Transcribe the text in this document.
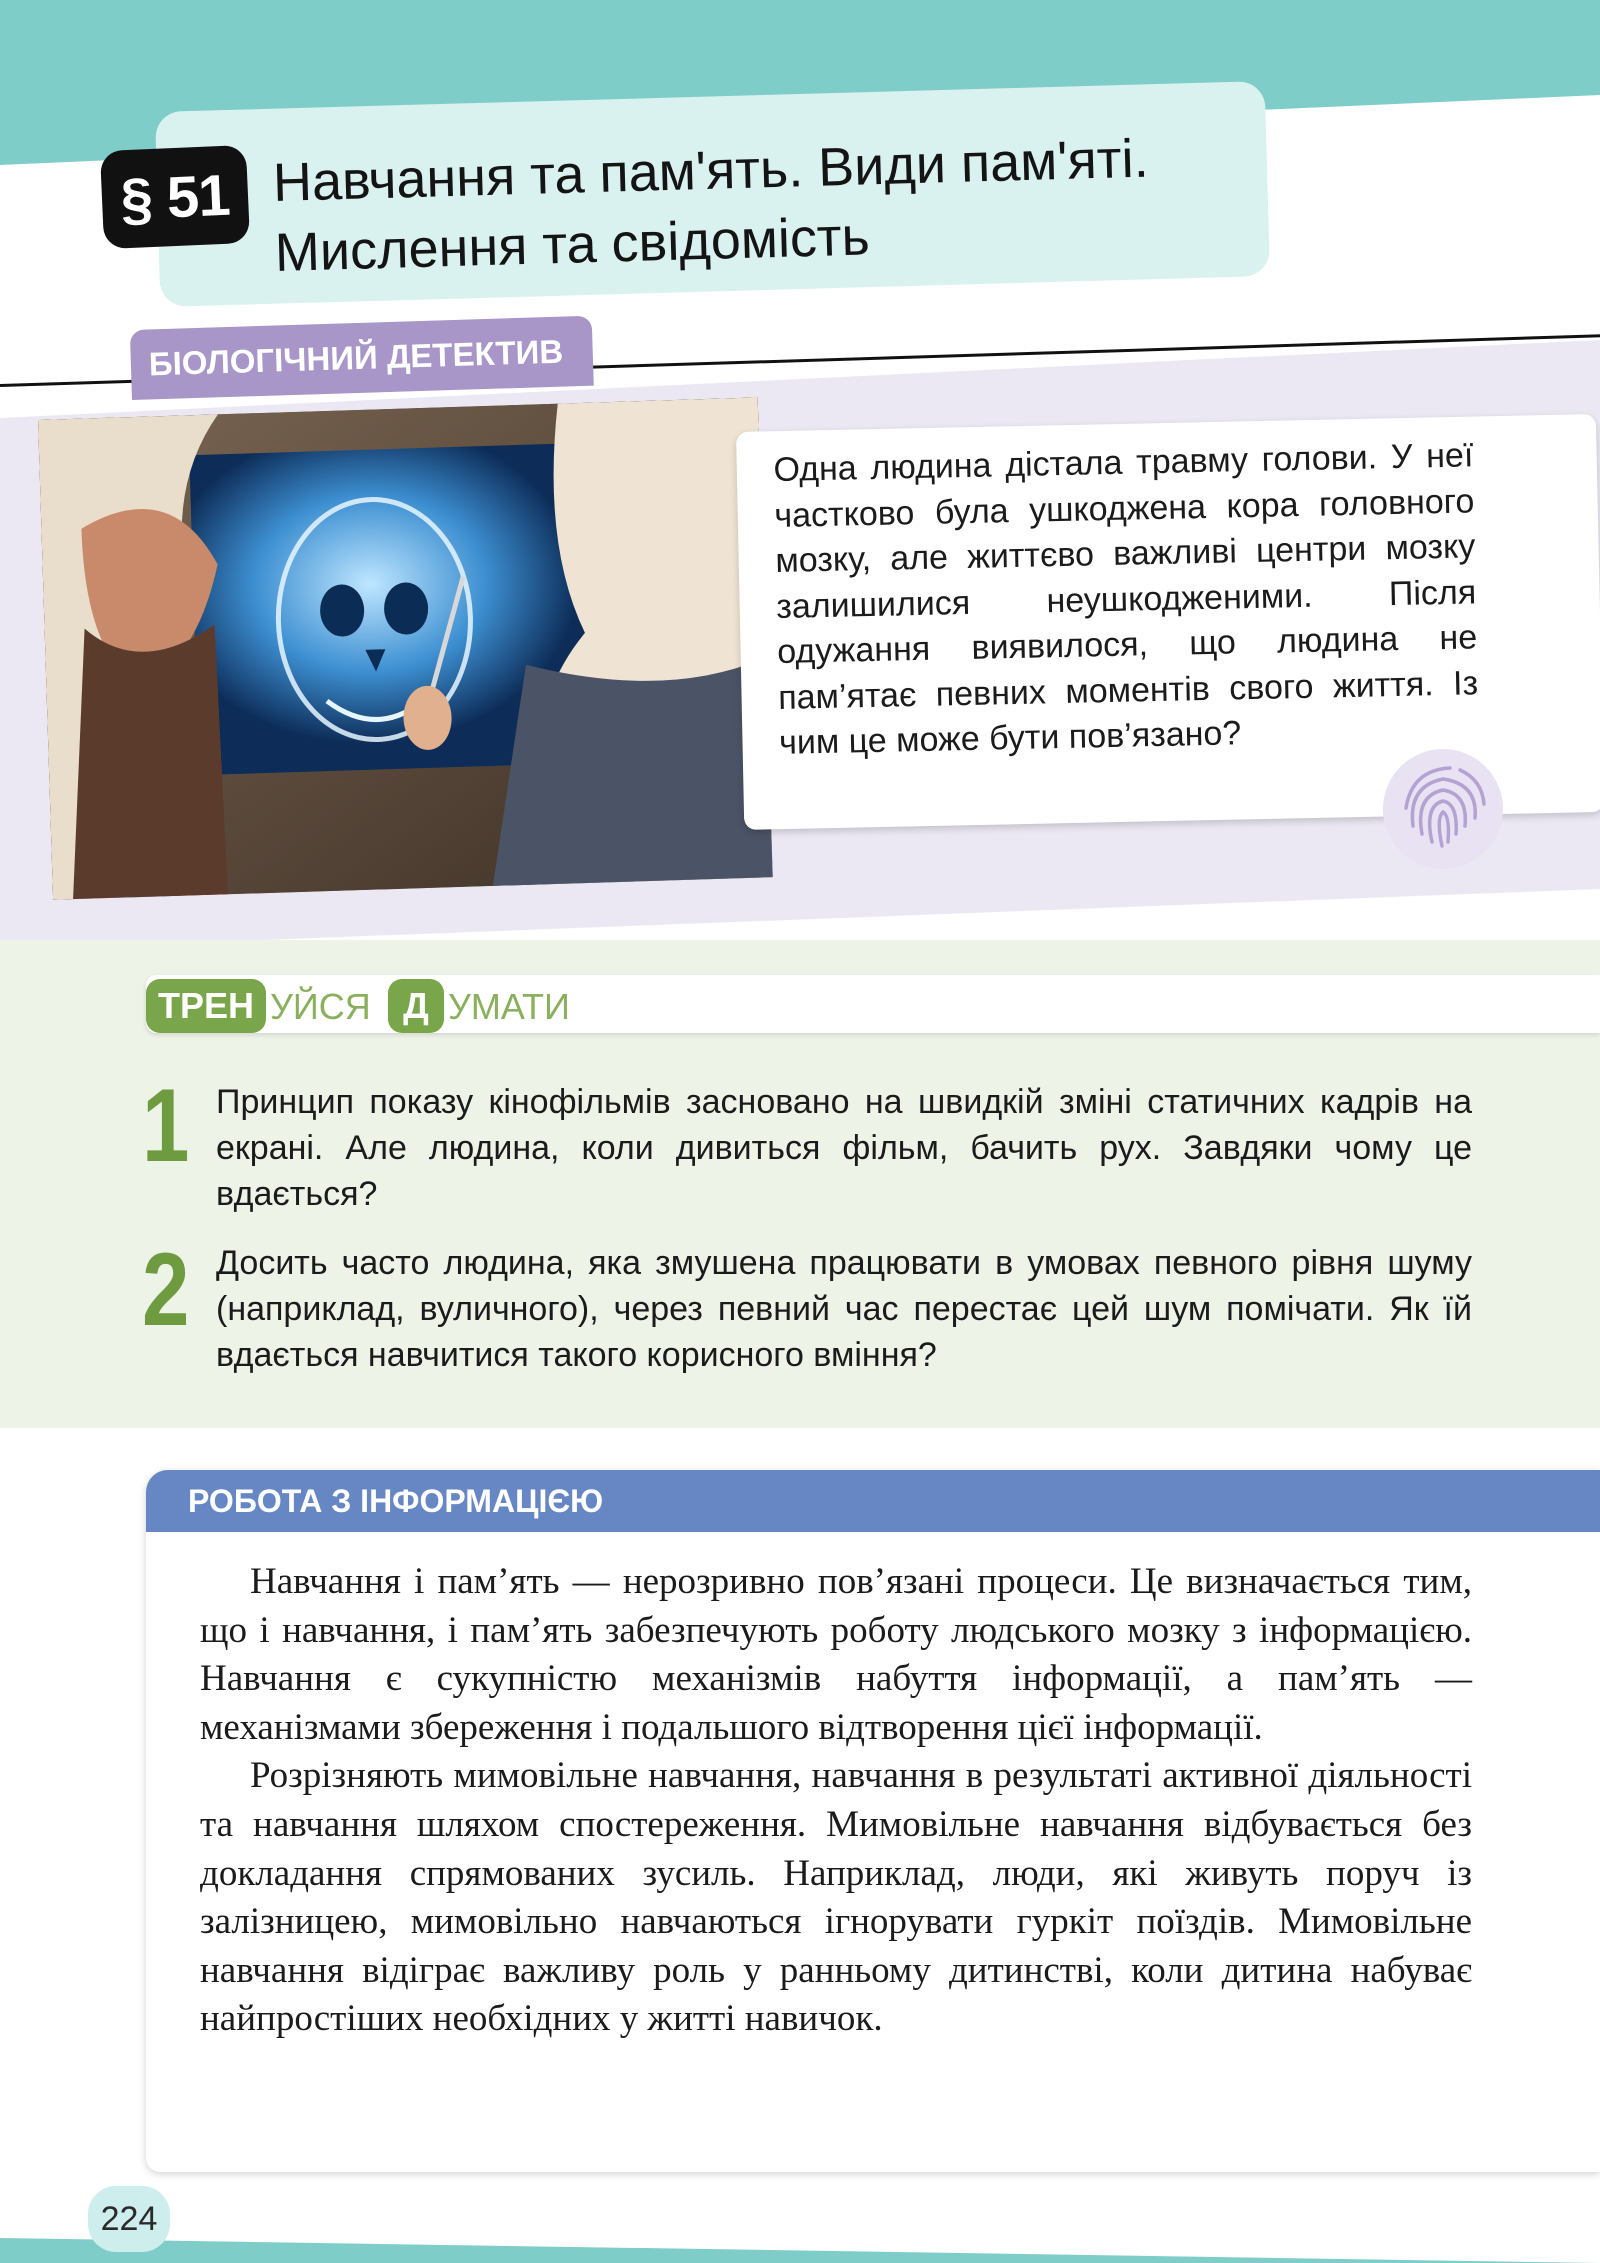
§ 51 Навчання та пам'ять. Види пам'яті.
Мислення та свідомість
БІОЛОГІЧНИЙ ДЕТЕКТИВ
Одна людина дістала травму голови. У неї частково була ушкоджена кора головного мозку, але життєво важливі центри мозку залишилися неушкодженими. Після одужання виявилося, що людина не пам’ятає певних моментів свого життя. Із чим це може бути пов’язано?
ТРЕН УЙСЯ Д УМАТИ
1 Принцип показу кінофільмів засновано на швидкій зміні статичних кадрів на екрані. Але людина, коли дивиться фільм, бачить рух. Завдяки чому це вдається?
2 Досить часто людина, яка змушена працювати в умовах певного рівня шуму (наприклад, вуличного), через певний час перестає цей шум помічати. Як їй вдається навчитися такого корисного вміння?
РОБОТА З ІНФОРМАЦІЄЮ

Навчання і пам’ять — нерозривно пов’язані процеси. Це визначається тим, що і навчання, і пам’ять забезпечують роботу людського мозку з інформацією. Навчання є сукупністю механізмів набуття інформації, а пам’ять — механізмами збереження і подальшого відтворення цієї інформації.

Розрізняють мимовільне навчання, навчання в результаті активної діяльності та навчання шляхом спостереження. Мимовільне навчання відбувається без докладання спрямованих зусиль. Наприклад, люди, які живуть поруч із залізницею, мимовільно навчаються ігнорувати гуркіт поїздів. Мимовільне навчання відіграє важливу роль у ранньому дитинстві, коли дитина набуває найпростіших необхідних у житті навичок.

224
